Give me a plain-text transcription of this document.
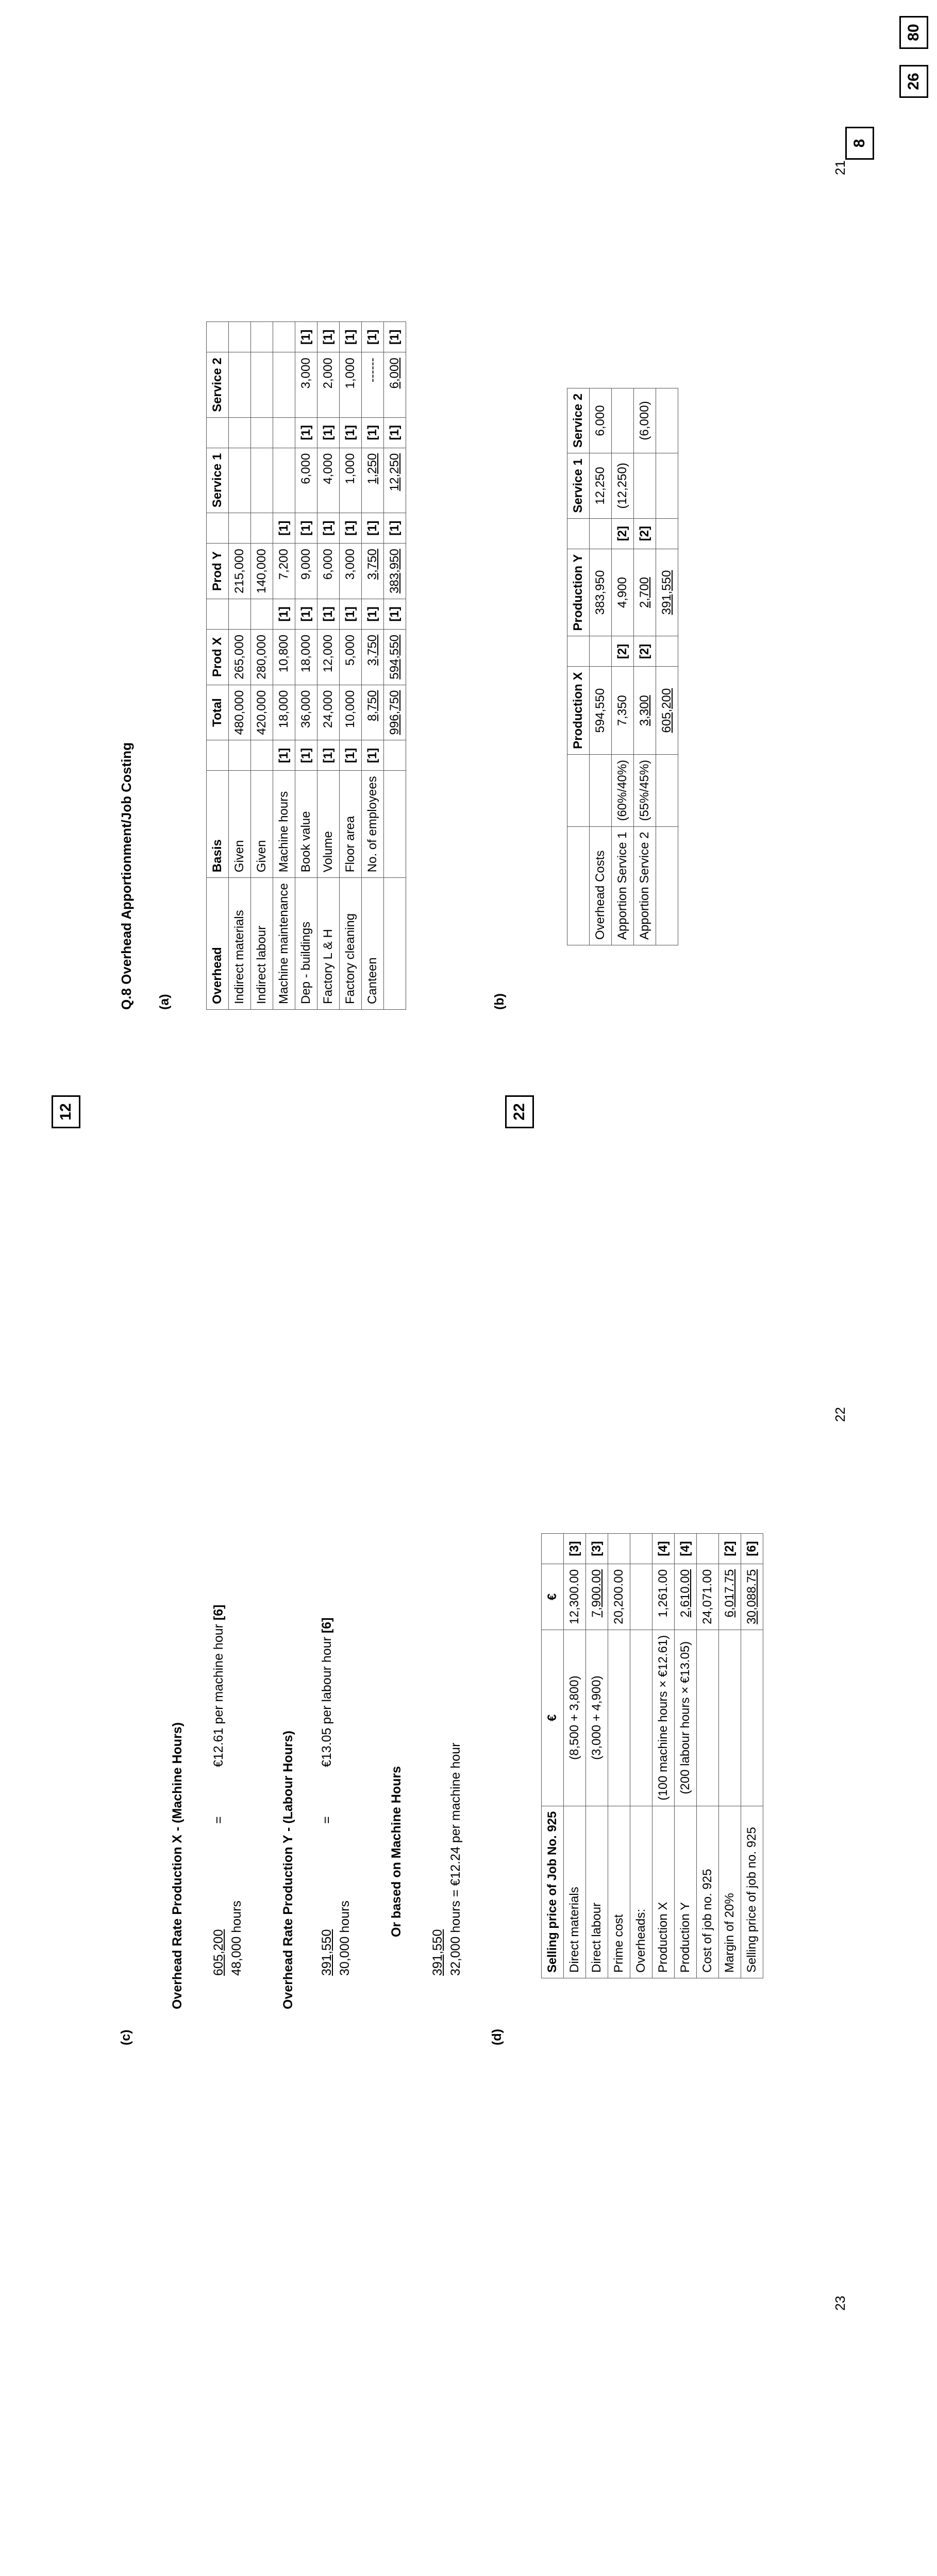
23
(c)
Overhead Rate Production X - (Machine Hours) 605,200 48,000 hours
=
€12.61 per machine hour [6]
Overhead Rate Production Y - (Labour Hours) 391,550 30,000 hours
=
€13.05 per labour hour [6]
Or based on Machine Hours
391,550 32,000 hours = €12.24 per machine hour
(d)
Selling price of Job No. 925	€	€	
Direct materials	(8,500 + 3,800)	12,300.00	[3]
Direct labour	(3,000 + 4,900)	7,900.00	[3]
Prime cost		20,200.00	
Overheads:			
Production X	(100 machine hours × €12.61)	1,261.00	[4]
Production Y	(200 labour hours × €13.05)	2,610.00	[4]
Cost of job no. 925		24,071.00	
Margin of 20%		6,017.75	[2]
Selling price of job no. 925		30,088.75	[6]
12	22
22
Q.8 Overhead Apportionment/Job Costing
80
(a)
26
Overhead	Basis		Total	Prod X		Prod Y		Service 1		Service 2	
Indirect materials	Given		480,000	265,000		215,000					
Indirect labour	Given		420,000	280,000		140,000					
Machine maintenance	Machine hours	[1]	18,000	10,800	[1]	7,200	[1]				
Dep - buildings	Book value	[1]	36,000	18,000	[1]	9,000	[1]	6,000	[1]	3,000	[1]
Factory L & H	Volume	[1]	24,000	12,000	[1]	6,000	[1]	4,000	[1]	2,000	[1]
Factory cleaning	Floor area	[1]	10,000	5,000	[1]	3,000	[1]	1,000	[1]	1,000	[1]
Canteen	No. of employees	[1]	8,750	3,750	[1]	3,750	[1]	1,250	[1]	------	[1]
			996,750	594,550	[1]	383,950	[1]	12,250	[1]	6,000	[1]
(b)
8
		Production X		Production Y		Service 1	Service 2
Overhead Costs		594,550		383,950		12,250	6,000
Apportion Service 1	(60%/40%)	7,350	[2]	4,900	[2]	(12,250)	
Apportion Service 2	(55%/45%)	3,300	[2]	2,700	[2]		(6,000)
		605,200		391,550			
21
